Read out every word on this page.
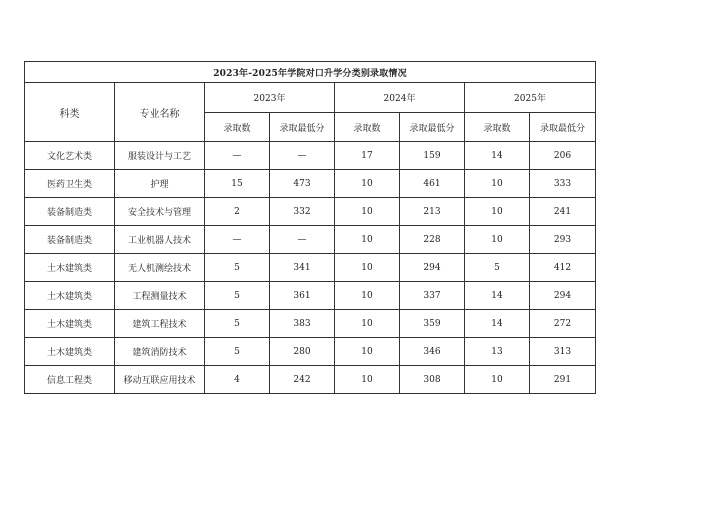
2023年-2025年学院对口升学分类别录取情况							
科类	专业名称	2023年		2024年		2025年	
		录取数	录取最低分	录取数	录取最低分	录取数	录取最低分
文化艺术类	服装设计与工艺	—	—	17	159	14	206
医药卫生类	护理	15	473	10	461	10	333
装备制造类	安全技术与管理	2	332	10	213	10	241
装备制造类	工业机器人技术	—	—	10	228	10	293
土木建筑类	无人机测绘技术	5	341	10	294	5	412
土木建筑类	工程测量技术	5	361	10	337	14	294
土木建筑类	建筑工程技术	5	383	10	359	14	272
土木建筑类	建筑消防技术	5	280	10	346	13	313
信息工程类	移动互联应用技术	4	242	10	308	10	291
